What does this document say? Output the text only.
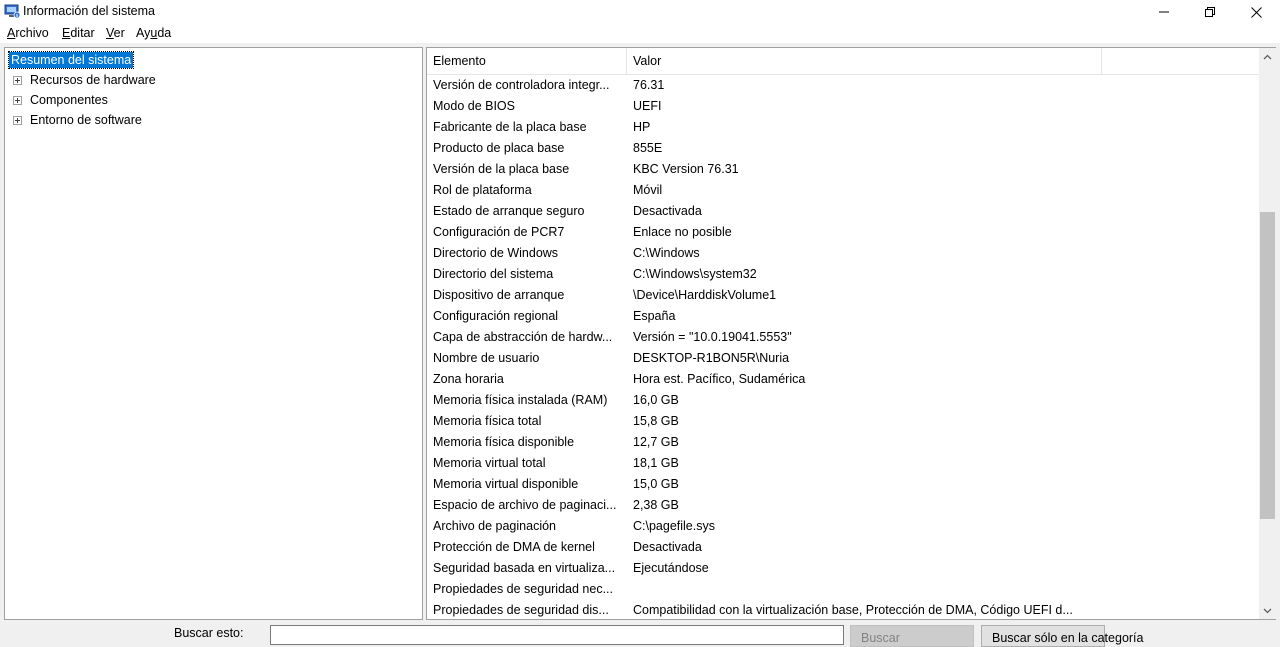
Información del sistema
Archivo Editar Ver Ayuda
Resumen del sistema
Recursos de hardware
Componentes
Entorno de software
Elemento	Valor
Versión de controladora integr...	76.31
Modo de BIOS	UEFI
Fabricante de la placa base	HP
Producto de placa base	855E
Versión de la placa base	KBC Version 76.31
Rol de plataforma	Móvil
Estado de arranque seguro	Desactivada
Configuración de PCR7	Enlace no posible
Directorio de Windows	C:\Windows
Directorio del sistema	C:\Windows\system32
Dispositivo de arranque	\Device\HarddiskVolume1
Configuración regional	España
Capa de abstracción de hardw...	Versión = "10.0.19041.5553"
Nombre de usuario	DESKTOP-R1BON5R\Nuria
Zona horaria	Hora est. Pacífico, Sudamérica
Memoria física instalada (RAM)	16,0 GB
Memoria física total	15,8 GB
Memoria física disponible	12,7 GB
Memoria virtual total	18,1 GB
Memoria virtual disponible	15,0 GB
Espacio de archivo de paginaci...	2,38 GB
Archivo de paginación	C:\pagefile.sys
Protección de DMA de kernel	Desactivada
Seguridad basada en virtualiza...	Ejecutándose
Propiedades de seguridad nec...
Propiedades de seguridad dis...	Compatibilidad con la virtualización base, Protección de DMA, Código UEFI d...
Buscar esto:	Buscar	Buscar sólo en la categoría
